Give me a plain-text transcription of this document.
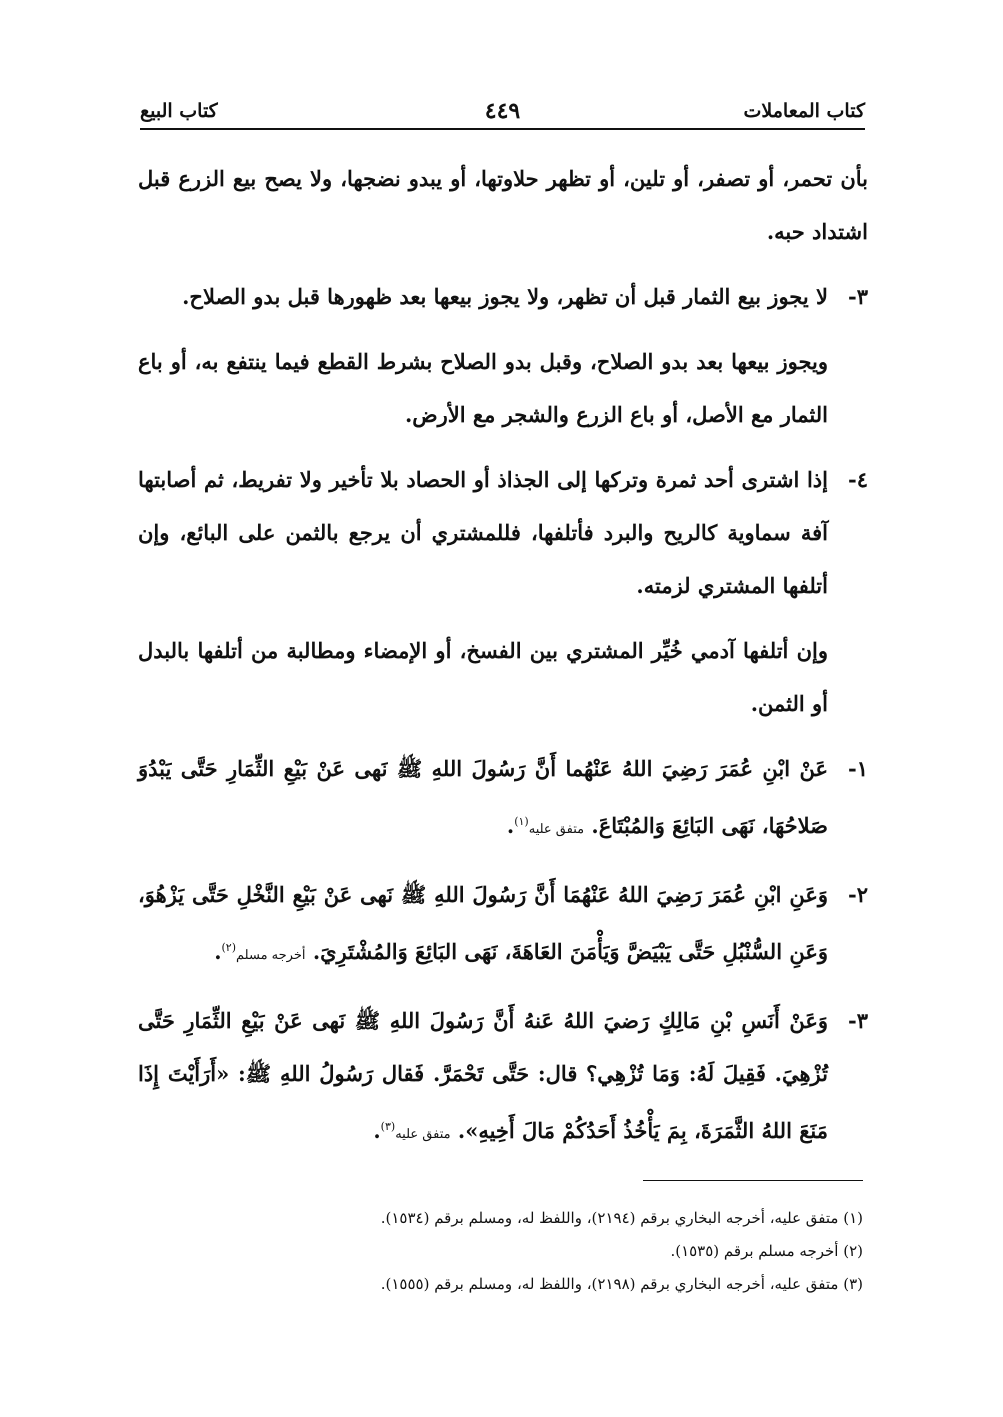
كتاب المعاملات
٤٤٩
كتاب البيع

بأن تحمر، أو تصفر، أو تلين، أو تظهر حلاوتها، أو يبدو نضجها، ولا يصح بيع الزرع قبل اشتداد حبه.

٣-
لا يجوز بيع الثمار قبل أن تظهر، ولا يجوز بيعها بعد ظهورها قبل بدو الصلاح.

ويجوز بيعها بعد بدو الصلاح، وقبل بدو الصلاح بشرط القطع فيما ينتفع به، أو باع الثمار مع الأصل، أو باع الزرع والشجر مع الأرض.

٤-
إذا اشترى أحد ثمرة وتركها إلى الجذاذ أو الحصاد بلا تأخير ولا تفريط، ثم أصابتها آفة سماوية كالريح والبرد فأتلفها، فللمشتري أن يرجع بالثمن على البائع، وإن أتلفها المشتري لزمته.

وإن أتلفها آدمي خُيِّر المشتري بين الفسخ، أو الإمضاء ومطالبة من أتلفها بالبدل أو الثمن.

١-
عَنْ ابْنِ عُمَرَ رَضِيَ اللهُ عَنْهُما أَنَّ رَسُولَ اللهِ ﷺ نَهى عَنْ بَيْعِ الثِّمَارِ حَتَّى يَبْدُوَ صَلاحُهَا، نَهَى البَائِعَ وَالمُبْتَاعَ. متفق عليه$^{(١)}$.
٢-
وَعَنِ ابْنِ عُمَرَ رَضِيَ اللهُ عَنْهُمَا أَنَّ رَسُولَ اللهِ ﷺ نَهى عَنْ بَيْعِ النَّخْلِ حَتَّى يَزْهُوَ، وَعَنِ السُّنْبُلِ حَتَّى يَبْيَضَّ وَيَأْمَنَ العَاهَةَ، نَهَى البَائِعَ وَالمُشْتَرِيَ. أخرجه مسلم$^{(٢)}$.
٣-
وَعَنْ أَنَسِ بْنِ مَالِكٍ رَضيَ اللهُ عَنهُ أَنَّ رَسُولَ اللهِ ﷺ نَهى عَنْ بَيْعِ الثِّمَارِ حَتَّى تُزْهِيَ. فَقِيلَ لَهُ: وَمَا تُزْهِي؟ قال: حَتَّى تَحْمَرَّ. فَقال رَسُولُ اللهِ ﷺ: «أَرَأَيْتَ إِذَا مَنَعَ اللهُ الثَّمَرَةَ، بِمَ يَأْخُذُ أَحَدُكُمْ مَالَ أَخِيهِ». متفق عليه$^{(٣)}$.
(١) متفق عليه، أخرجه البخاري برقم (٢١٩٤)، واللفظ له، ومسلم برقم (١٥٣٤).
(٢) أخرجه مسلم برقم (١٥٣٥).
(٣) متفق عليه، أخرجه البخاري برقم (٢١٩٨)، واللفظ له، ومسلم برقم (١٥٥٥).
